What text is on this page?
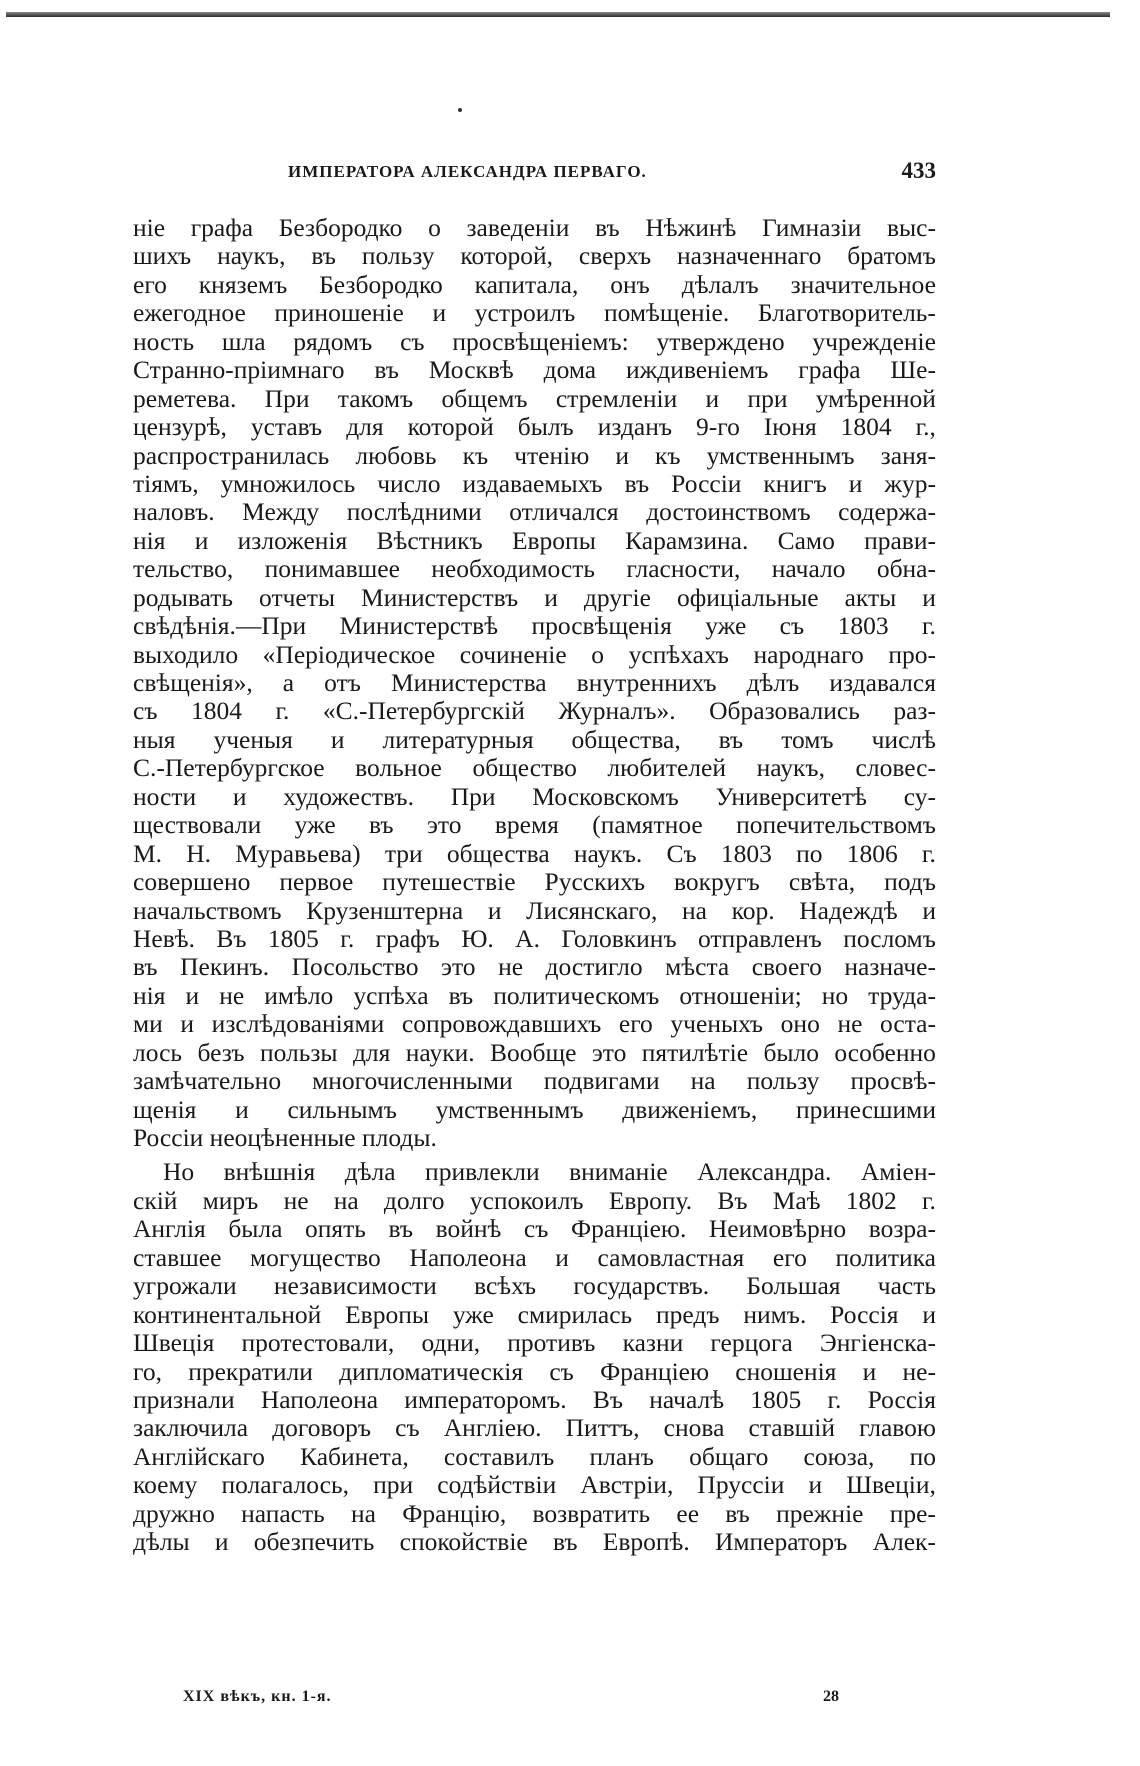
ИМПЕРАТОРА АЛЕКСАНДРА ПЕРВАГО.	433
ніе графа Безбородко о заведеніи въ Нѣжинѣ Гимназіи выс-
шихъ наукъ, въ пользу которой, сверхъ назначеннаго братомъ
его княземъ Безбородко капитала, онъ дѣлалъ значительное
ежегодное приношеніе и устроилъ помѣщеніе. Благотворитель-
ность шла рядомъ съ просвѣщеніемъ: утверждено учрежденіе
Странно-пріимнаго въ Москвѣ дома иждивеніемъ графа Ше-
реметева. При такомъ общемъ стремленіи и при умѣренной
цензурѣ, уставъ для которой былъ изданъ 9-го Іюня 1804 г.,
распространилась любовь къ чтенію и къ умственнымъ заня-
тіямъ, умножилось число издаваемыхъ въ Россіи книгъ и жур-
наловъ. Между послѣдними отличался достоинствомъ содержа-
нія и изложенія Вѣстникъ Европы Карамзина. Само прави-
тельство, понимавшее необходимость гласности, начало обна-
родывать отчеты Министерствъ и другіе офиціальные акты и
свѣдѣнія.—При Министерствѣ просвѣщенія уже съ 1803 г.
выходило «Періодическое сочиненіе о успѣхахъ народнаго про-
свѣщенія», а отъ Министерства внутреннихъ дѣлъ издавался
съ 1804 г. «С.-Петербургскій Журналъ». Образовались раз-
ныя ученыя и литературныя общества, въ томъ числѣ
С.-Петербургское вольное общество любителей наукъ, словес-
ности и художествъ. При Московскомъ Университетѣ су-
ществовали уже въ это время (памятное попечительствомъ
М. Н. Муравьева) три общества наукъ. Съ 1803 по 1806 г.
совершено первое путешествіе Русскихъ вокругъ свѣта, подъ
начальствомъ Крузенштерна и Лисянскаго, на кор. Надеждѣ и
Невѣ. Въ 1805 г. графъ Ю. А. Головкинъ отправленъ посломъ
въ Пекинъ. Посольство это не достигло мѣста своего назначе-
нія и не имѣло успѣха въ политическомъ отношеніи; но труда-
ми и изслѣдованіями сопровождавшихъ его ученыхъ оно не оста-
лось безъ пользы для науки. Вообще это пятилѣтіе было особенно
замѣчательно многочисленными подвигами на пользу просвѣ-
щенія и сильнымъ умственнымъ движеніемъ, принесшими
Россіи неоцѣненные плоды.
Но внѣшнія дѣла привлекли вниманіе Александра. Аміен-
скій миръ не на долго успокоилъ Европу. Въ Маѣ 1802 г.
Англія была опять въ войнѣ съ Франціею. Неимовѣрно возра-
ставшее могущество Наполеона и самовластная его политика
угрожали независимости всѣхъ государствъ. Большая часть
континентальной Европы уже смирилась предъ нимъ. Россія и
Швеція протестовали, одни, противъ казни герцога Энгіенска-
го, прекратили дипломатическія съ Франціею сношенія и не-
признали Наполеона императоромъ. Въ началѣ 1805 г. Россія
заключила договоръ съ Англіею. Питтъ, снова ставшій главою
Англійскаго Кабинета, составилъ планъ общаго союза, по
коему полагалось, при содѣйствіи Австріи, Пруссіи и Швеціи,
дружно напасть на Францію, возвратить ее въ прежніе пре-
дѣлы и обезпечить спокойствіе въ Европѣ. Императоръ Алек-
XIX вѣкъ, кн. 1-я.	28
